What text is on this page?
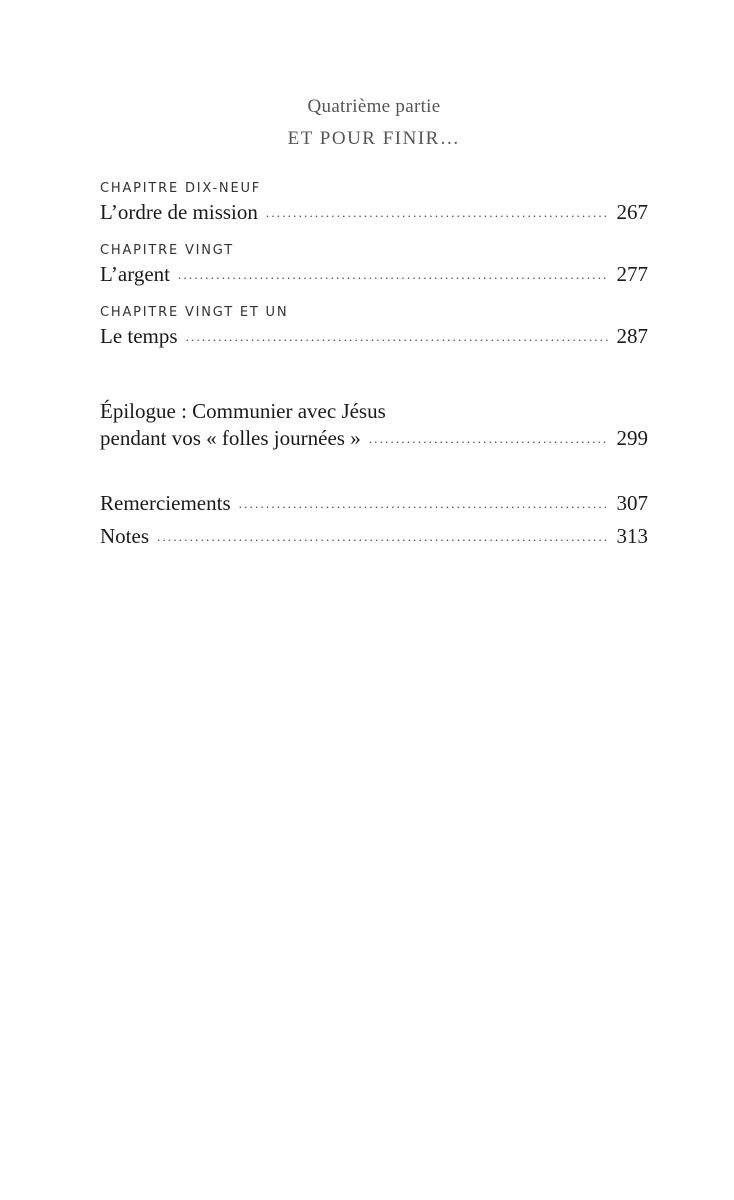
Quatrième partie
ET POUR FINIR…
CHAPITRE DIX-NEUF
L’ordre de mission .....	267
CHAPITRE VINGT
L’argent .....	277
CHAPITRE VINGT ET UN
Le temps .....	287
Épilogue : Communier avec Jésus
pendant vos « folles journées » .....	299
Remerciements .....	307
Notes .....	313
